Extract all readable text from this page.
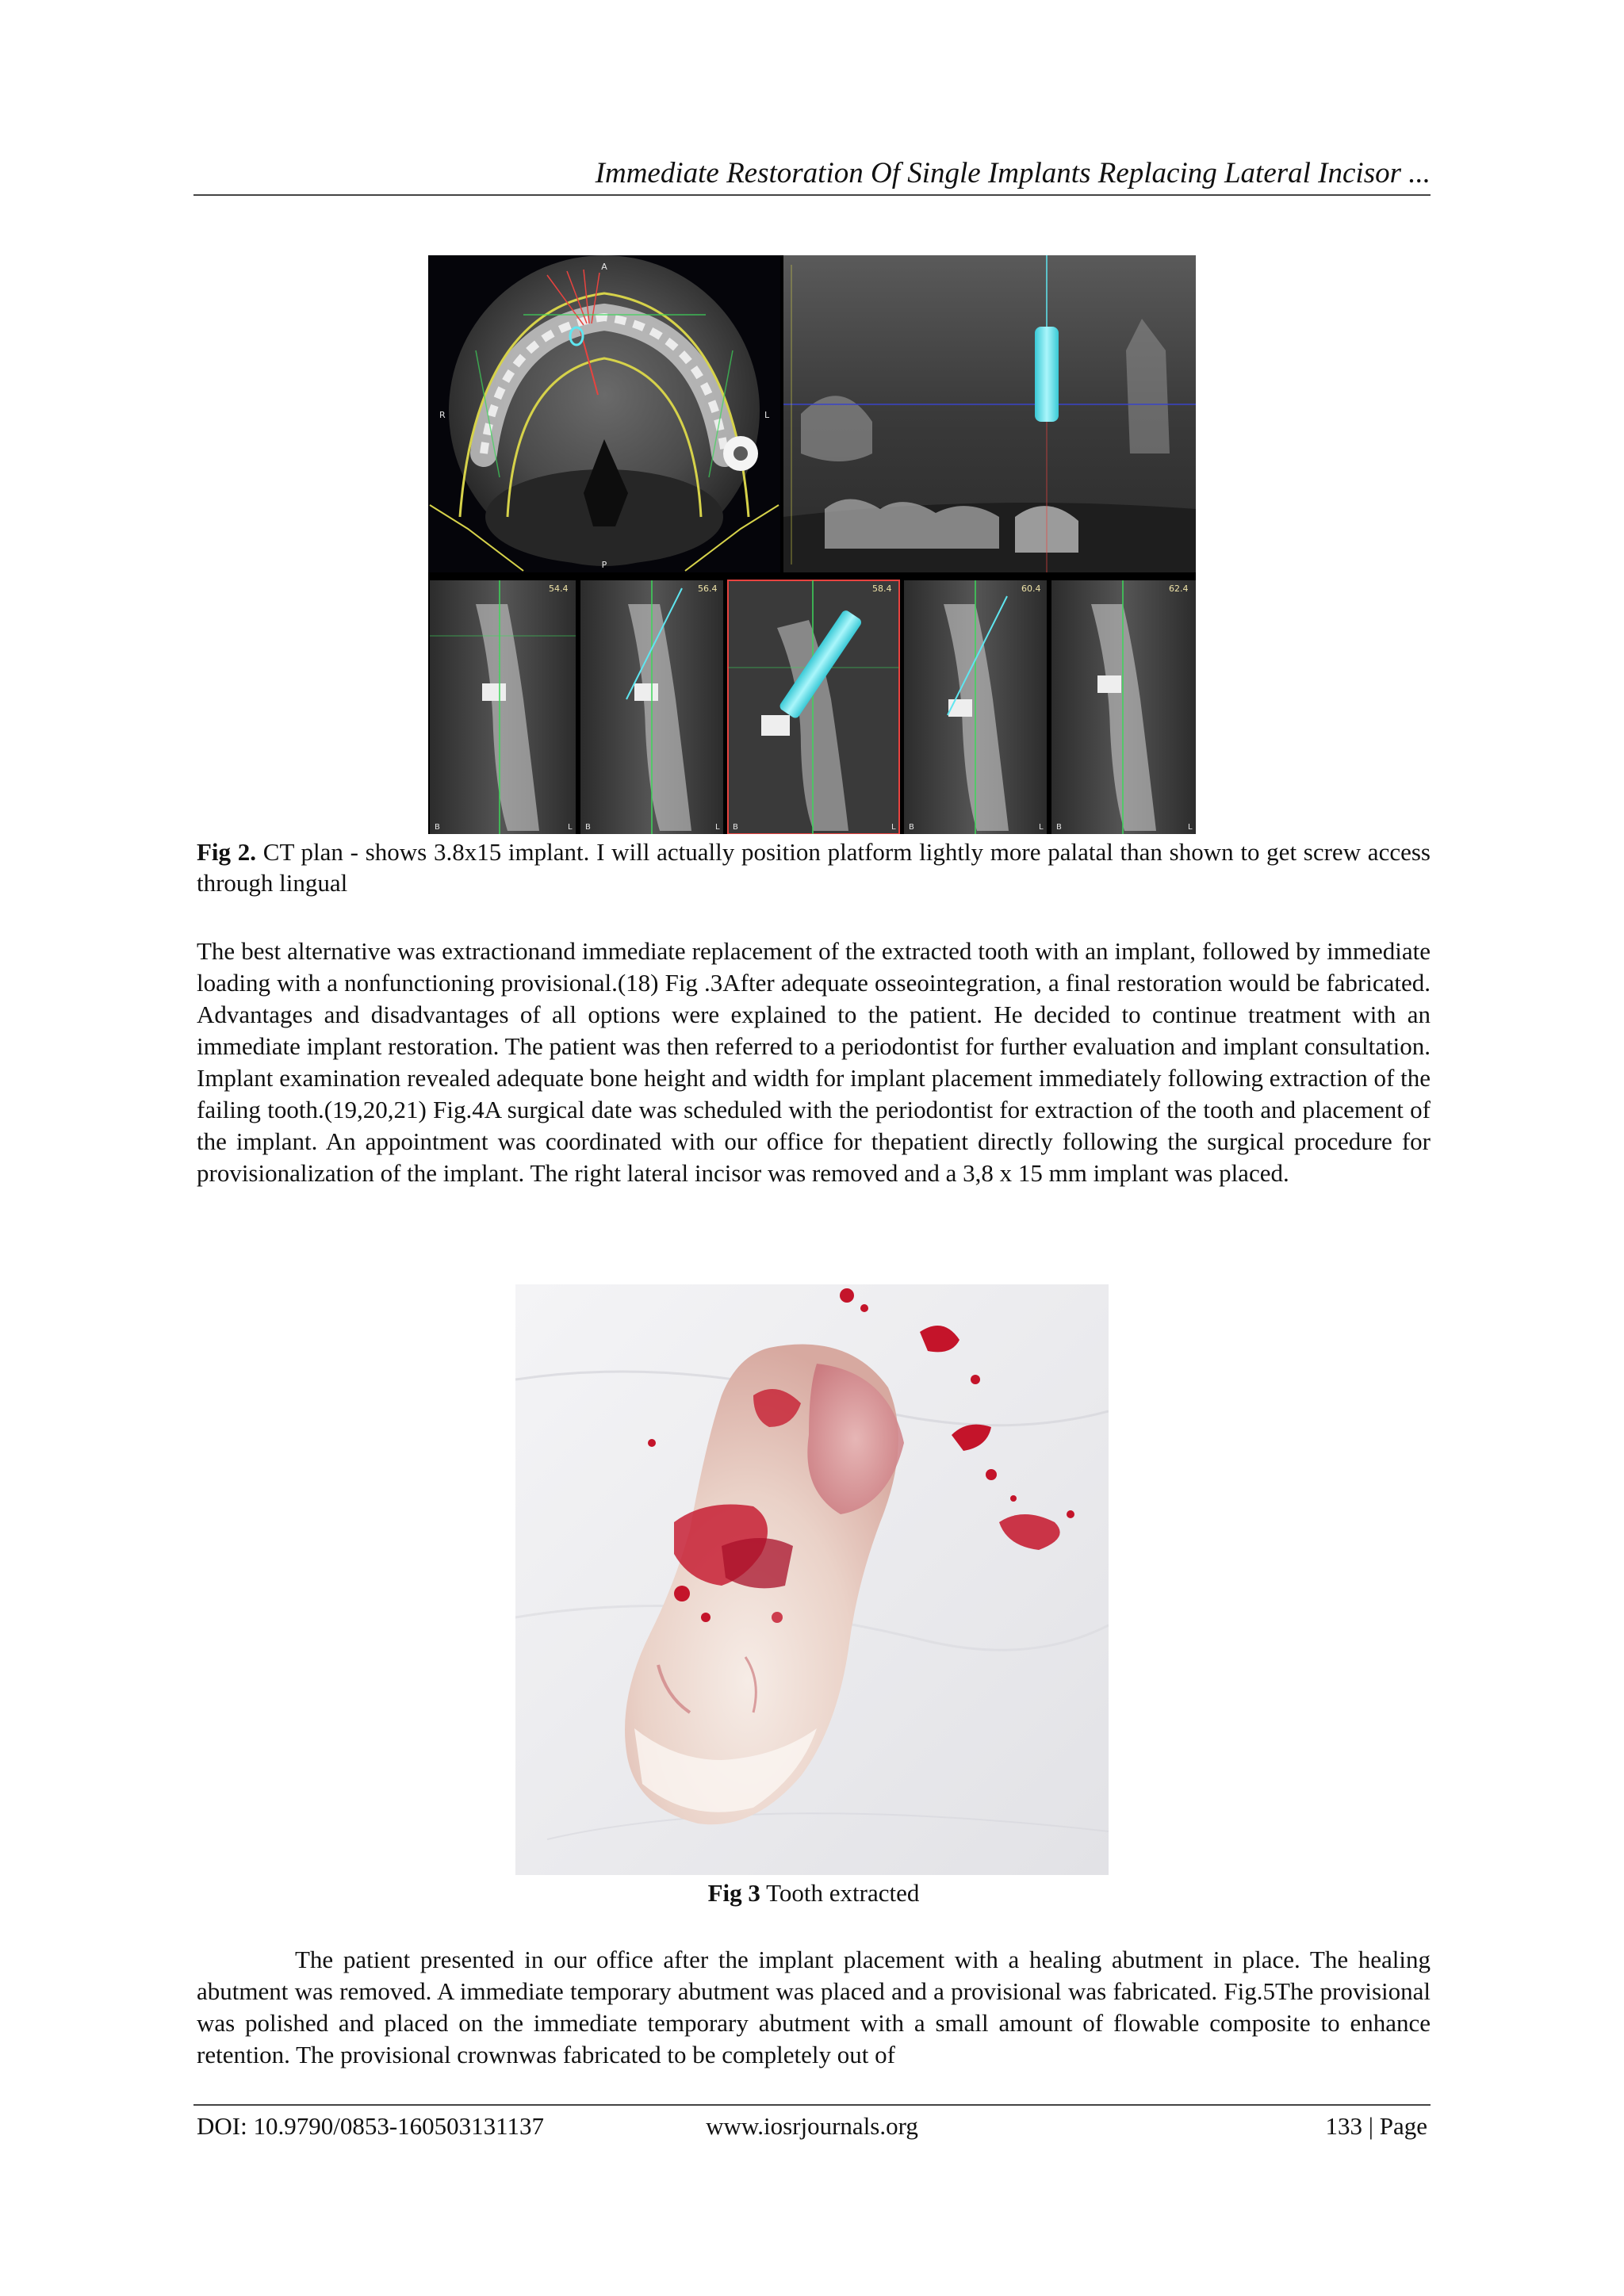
Immediate Restoration Of Single Implants Replacing Lateral Incisor ...
A
R	L
P
54.4	56.4	58.4	60.4	62.4
B	L B	L B	L B	L B	L
Fig 2. CT plan - shows 3.8x15 implant. I will actually position platform lightly more palatal than shown to get screw access through lingual

The best alternative was extractionand immediate replacement of the extracted tooth with an implant, followed by immediate loading with a nonfunctioning provisional.(18) Fig .3After adequate osseointegration, a final restoration would be fabricated. Advantages and disadvantages of all options were explained to the patient. He decided to continue treatment with an immediate implant restoration. The patient was then referred to a periodontist for further evaluation and implant consultation. Implant examination revealed adequate bone height and width for implant placement immediately following extraction of the failing tooth.(19,20,21) Fig.4A surgical date was scheduled with the periodontist for extraction of the tooth and placement of the implant. An appointment was coordinated with our office for thepatient directly following the surgical procedure for provisionalization of the implant. The right lateral incisor was removed and a 3,8 x 15 mm implant was placed.

Fig 3 Tooth extracted

The patient presented in our office after the implant placement with a healing abutment in place. The healing abutment was removed. A immediate temporary abutment was placed and a provisional was fabricated. Fig.5The provisional was polished and placed on the immediate temporary abutment with a small amount of flowable composite to enhance retention. The provisional crownwas fabricated to be completely out of

DOI: 10.9790/0853-160503131137	www.iosrjournals.org	133 | Page
